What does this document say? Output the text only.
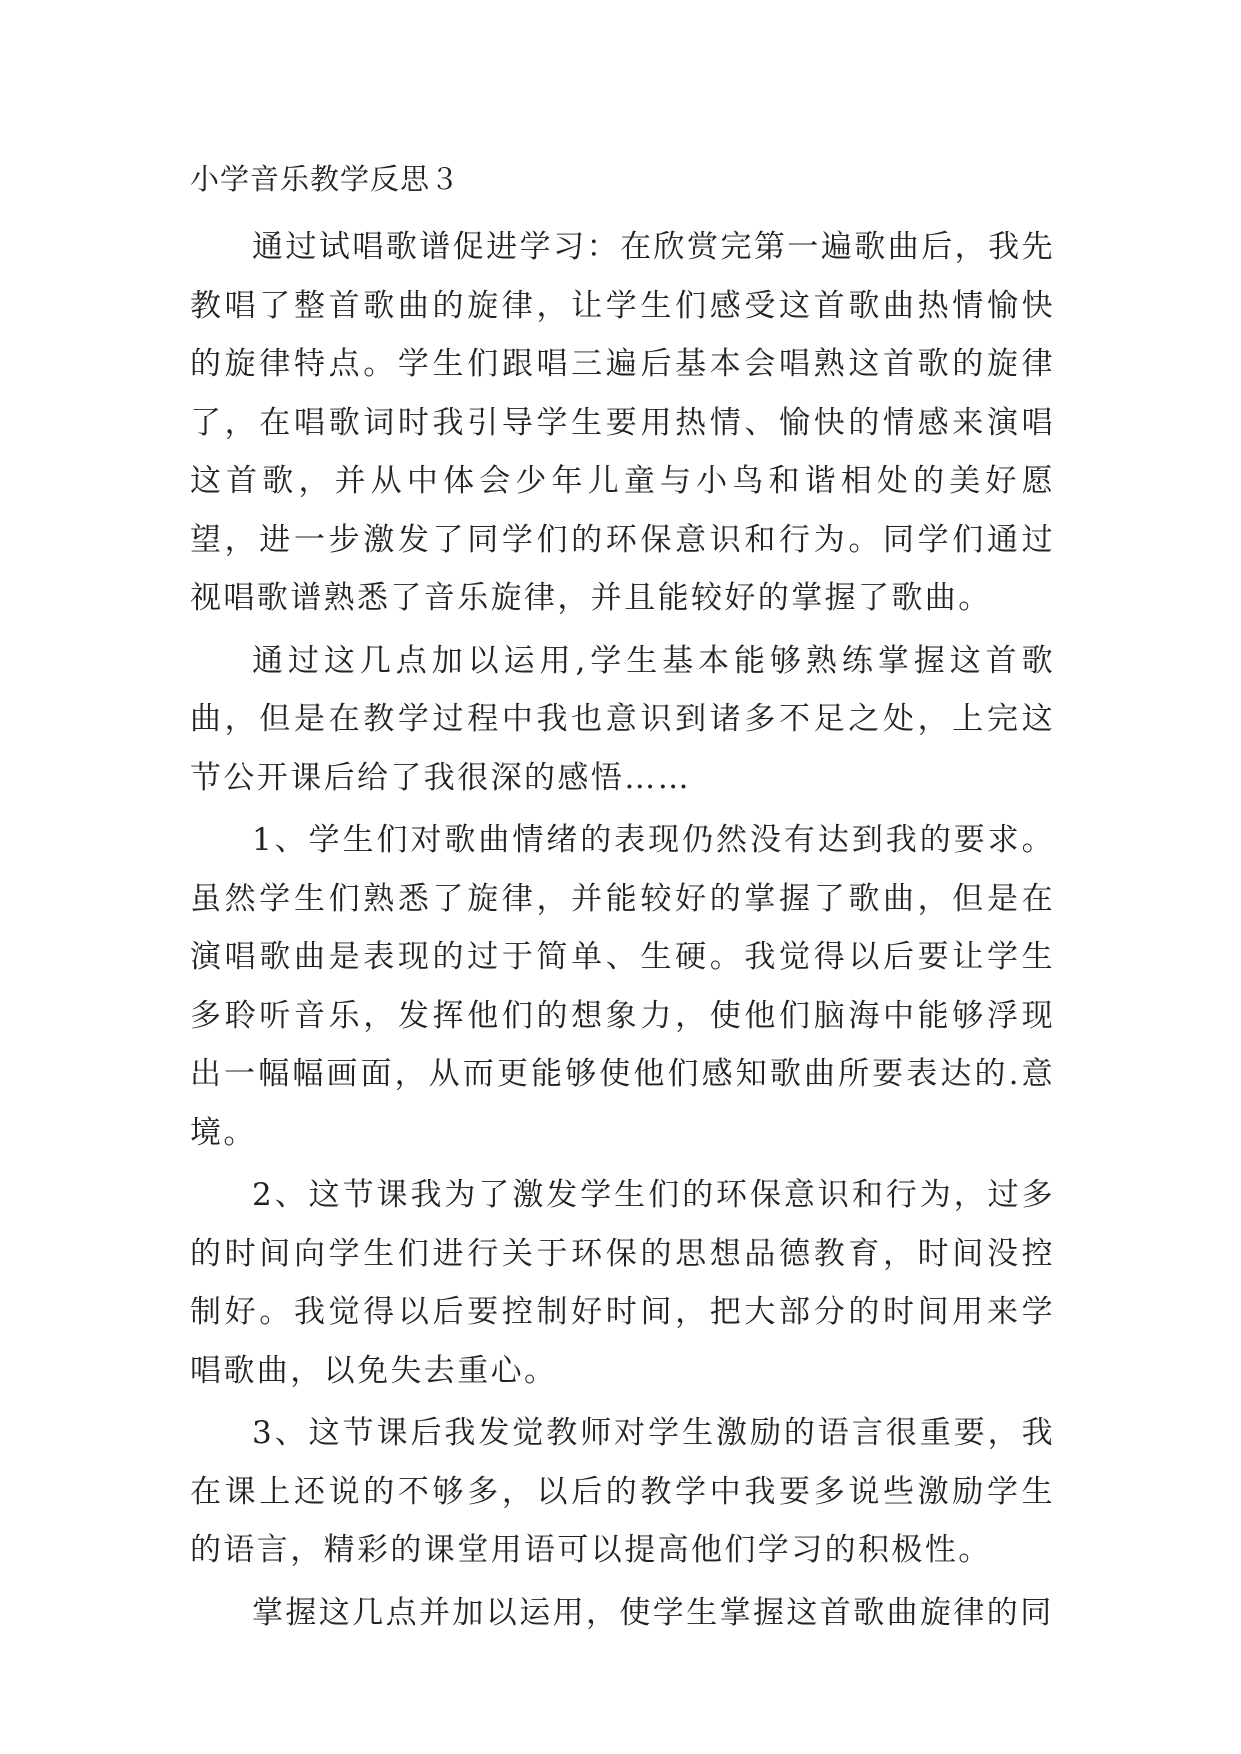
小学音乐教学反思３

通过试唱歌谱促进学习：在欣赏完第一遍歌曲后，我先教唱了整首歌曲的旋律，让学生们感受这首歌曲热情愉快的旋律特点。学生们跟唱三遍后基本会唱熟这首歌的旋律了，在唱歌词时我引导学生要用热情、愉快的情感来演唱这首歌，并从中体会少年儿童与小鸟和谐相处的美好愿望，进一步激发了同学们的环保意识和行为。同学们通过视唱歌谱熟悉了音乐旋律，并且能较好的掌握了歌曲。

通过这几点加以运用,学生基本能够熟练掌握这首歌曲，但是在教学过程中我也意识到诸多不足之处，上完这节公开课后给了我很深的感悟……

1、学生们对歌曲情绪的表现仍然没有达到我的要求。虽然学生们熟悉了旋律，并能较好的掌握了歌曲，但是在演唱歌曲是表现的过于简单、生硬。我觉得以后要让学生多聆听音乐，发挥他们的想象力，使他们脑海中能够浮现出一幅幅画面，从而更能够使他们感知歌曲所要表达的.意境。

2、这节课我为了激发学生们的环保意识和行为，过多的时间向学生们进行关于环保的思想品德教育，时间没控制好。我觉得以后要控制好时间，把大部分的时间用来学唱歌曲，以免失去重心。

3、这节课后我发觉教师对学生激励的语言很重要，我在课上还说的不够多，以后的教学中我要多说些激励学生的语言，精彩的课堂用语可以提高他们学习的积极性。

掌握这几点并加以运用，使学生掌握这首歌曲旋律的同
